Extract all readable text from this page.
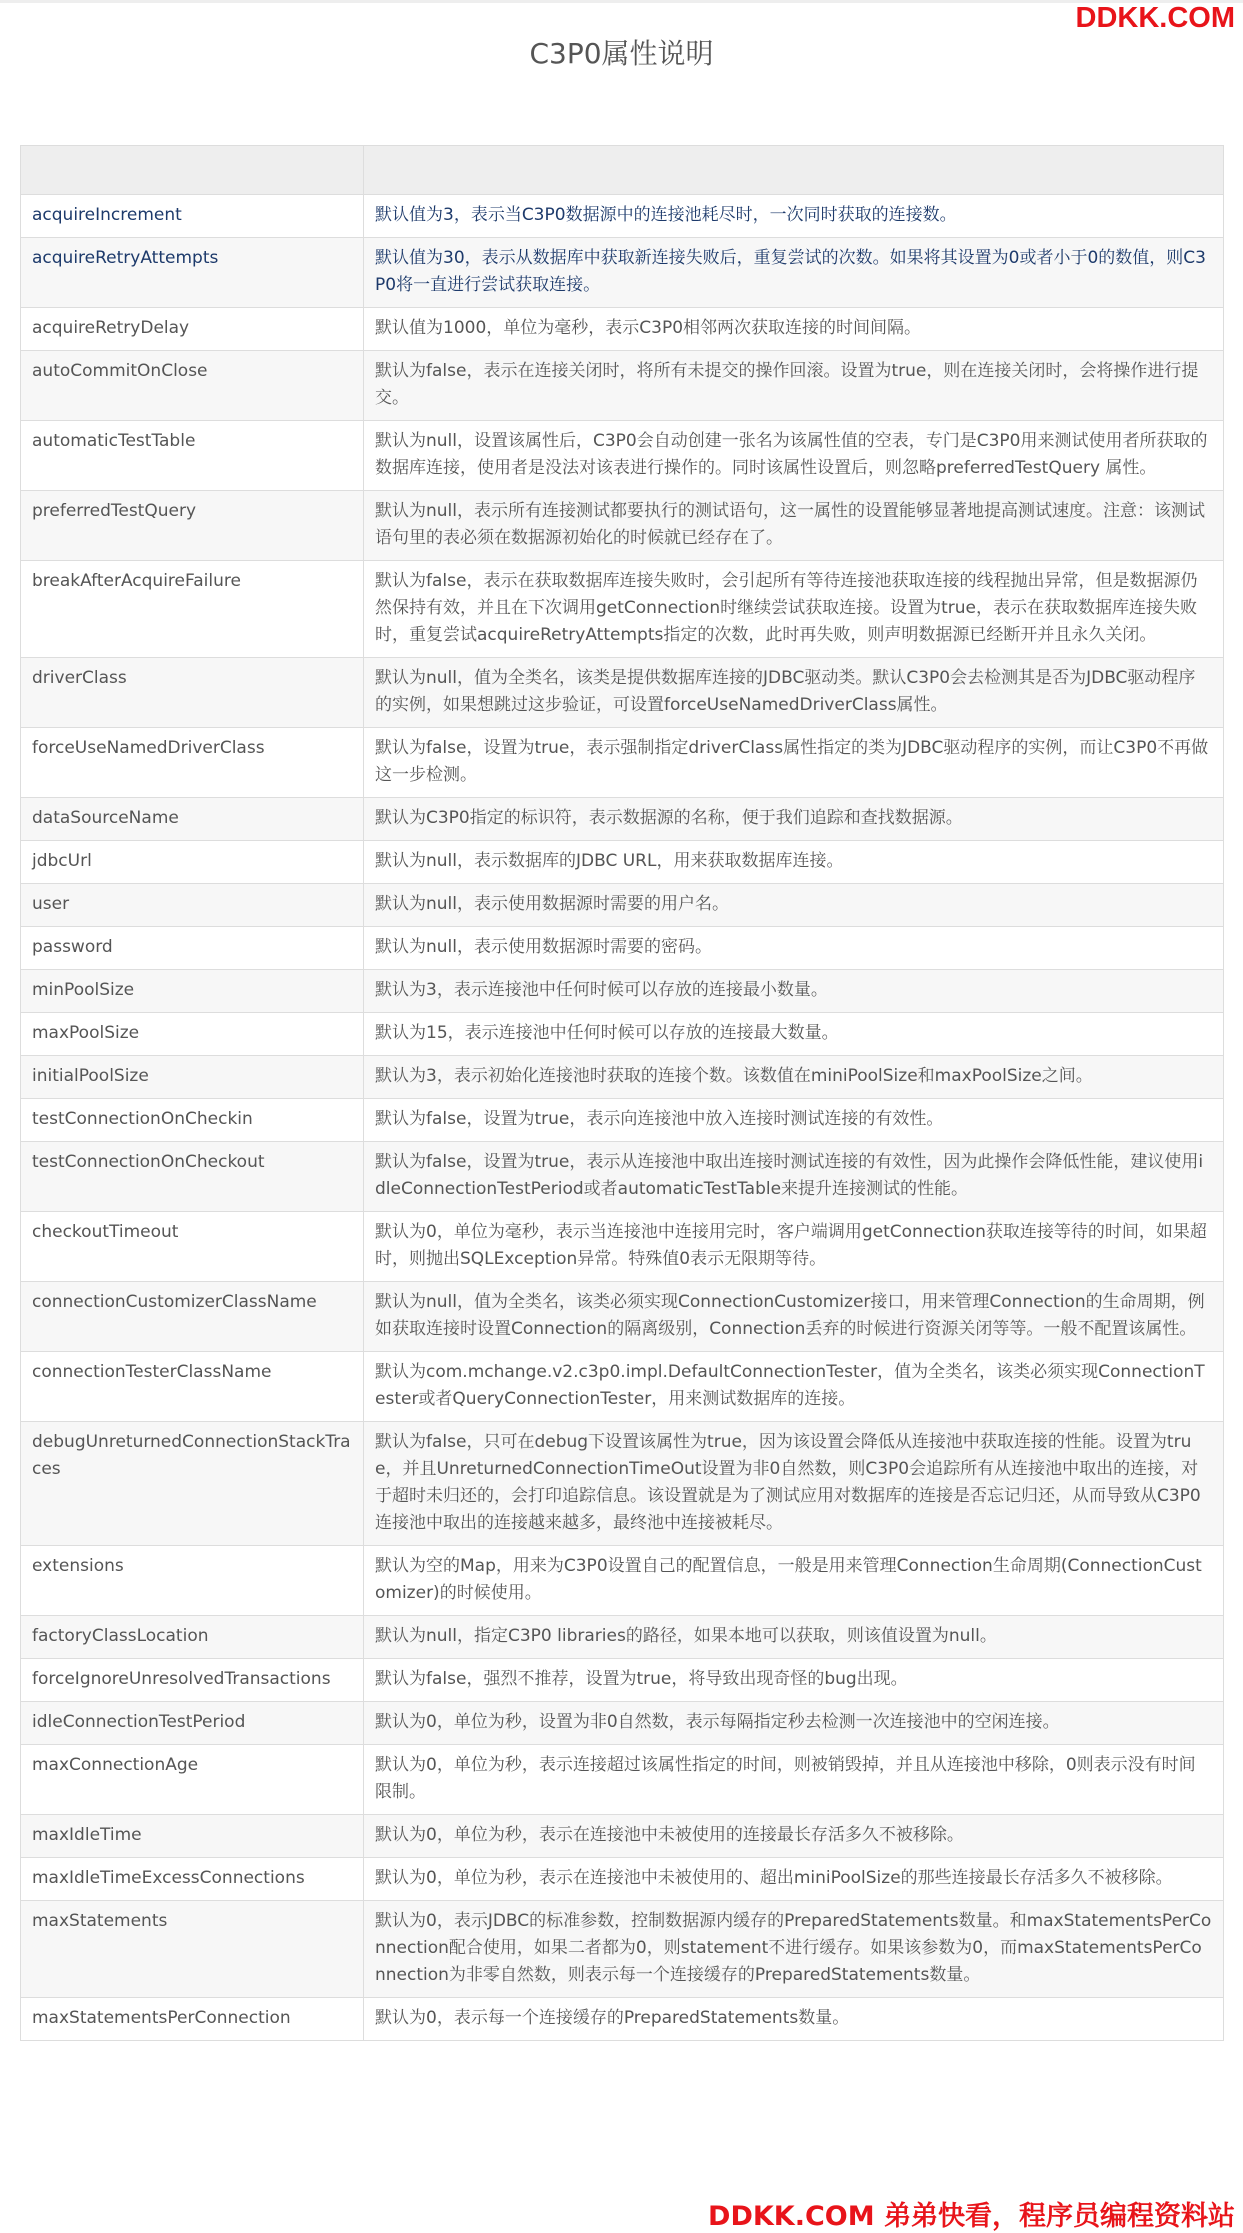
DDKK.COM
C3P0属性说明

acquireIncrement	默认值为3，表示当C3P0数据源中的连接池耗尽时，一次同时获取的连接数。
acquireRetryAttempts	默认值为30，表示从数据库中获取新连接失败后，重复尝试的次数。如果将其设置为0或者小于0的数值，则C3P0将一直进行尝试获取连接。
acquireRetryDelay	默认值为1000，单位为毫秒，表示C3P0相邻两次获取连接的时间间隔。
autoCommitOnClose	默认为false，表示在连接关闭时，将所有未提交的操作回滚。设置为true，则在连接关闭时，会将操作进行提交。
automaticTestTable	默认为null，设置该属性后，C3P0会自动创建一张名为该属性值的空表，专门是C3P0用来测试使用者所获取的数据库连接，使用者是没法对该表进行操作的。同时该属性设置后，则忽略preferredTestQuery 属性。
preferredTestQuery	默认为null，表示所有连接测试都要执行的测试语句，这一属性的设置能够显著地提高测试速度。注意：该测试语句里的表必须在数据源初始化的时候就已经存在了。
breakAfterAcquireFailure	默认为false，表示在获取数据库连接失败时，会引起所有等待连接池获取连接的线程抛出异常，但是数据源仍然保持有效，并且在下次调用getConnection时继续尝试获取连接。设置为true，表示在获取数据库连接失败时，重复尝试acquireRetryAttempts指定的次数，此时再失败，则声明数据源已经断开并且永久关闭。
driverClass	默认为null，值为全类名，该类是提供数据库连接的JDBC驱动类。默认C3P0会去检测其是否为JDBC驱动程序的实例，如果想跳过这步验证，可设置forceUseNamedDriverClass属性。
forceUseNamedDriverClass	默认为false，设置为true，表示强制指定driverClass属性指定的类为JDBC驱动程序的实例，而让C3P0不再做这一步检测。
dataSourceName	默认为C3P0指定的标识符，表示数据源的名称，便于我们追踪和查找数据源。
jdbcUrl	默认为null，表示数据库的JDBC URL，用来获取数据库连接。
user	默认为null，表示使用数据源时需要的用户名。
password	默认为null，表示使用数据源时需要的密码。
minPoolSize	默认为3，表示连接池中任何时候可以存放的连接最小数量。
maxPoolSize	默认为15，表示连接池中任何时候可以存放的连接最大数量。
initialPoolSize	默认为3，表示初始化连接池时获取的连接个数。该数值在miniPoolSize和maxPoolSize之间。
testConnectionOnCheckin	默认为false，设置为true，表示向连接池中放入连接时测试连接的有效性。
testConnectionOnCheckout	默认为false，设置为true，表示从连接池中取出连接时测试连接的有效性，因为此操作会降低性能，建议使用idleConnectionTestPeriod或者automaticTestTable来提升连接测试的性能。
checkoutTimeout	默认为0，单位为毫秒，表示当连接池中连接用完时，客户端调用getConnection获取连接等待的时间，如果超时，则抛出SQLException异常。特殊值0表示无限期等待。
connectionCustomizerClassName	默认为null，值为全类名，该类必须实现ConnectionCustomizer接口，用来管理Connection的生命周期，例如获取连接时设置Connection的隔离级别，Connection丢弃的时候进行资源关闭等等。一般不配置该属性。
connectionTesterClassName	默认为com.mchange.v2.c3p0.impl.DefaultConnectionTester，值为全类名，该类必须实现ConnectionTester或者QueryConnectionTester，用来测试数据库的连接。
debugUnreturnedConnectionStackTraces	默认为false，只可在debug下设置该属性为true，因为该设置会降低从连接池中获取连接的性能。设置为true，并且UnreturnedConnectionTimeOut设置为非0自然数，则C3P0会追踪所有从连接池中取出的连接，对于超时未归还的，会打印追踪信息。该设置就是为了测试应用对数据库的连接是否忘记归还，从而导致从C3P0连接池中取出的连接越来越多，最终池中连接被耗尽。
extensions	默认为空的Map，用来为C3P0设置自己的配置信息，一般是用来管理Connection生命周期(ConnectionCustomizer)的时候使用。
factoryClassLocation	默认为null，指定C3P0 libraries的路径，如果本地可以获取，则该值设置为null。
forceIgnoreUnresolvedTransactions	默认为false，强烈不推荐，设置为true，将导致出现奇怪的bug出现。
idleConnectionTestPeriod	默认为0，单位为秒，设置为非0自然数，表示每隔指定秒去检测一次连接池中的空闲连接。
maxConnectionAge	默认为0，单位为秒，表示连接超过该属性指定的时间，则被销毁掉，并且从连接池中移除，0则表示没有时间限制。
maxIdleTime	默认为0，单位为秒，表示在连接池中未被使用的连接最长存活多久不被移除。
maxIdleTimeExcessConnections	默认为0，单位为秒，表示在连接池中未被使用的、超出miniPoolSize的那些连接最长存活多久不被移除。
maxStatements	默认为0，表示JDBC的标准参数，控制数据源内缓存的PreparedStatements数量。和maxStatementsPerConnection配合使用，如果二者都为0，则statement不进行缓存。如果该参数为0，而maxStatementsPerConnection为非零自然数，则表示每一个连接缓存的PreparedStatements数量。
maxStatementsPerConnection	默认为0，表示每一个连接缓存的PreparedStatements数量。
DDKK.COM 弟弟快看，程序员编程资料站
